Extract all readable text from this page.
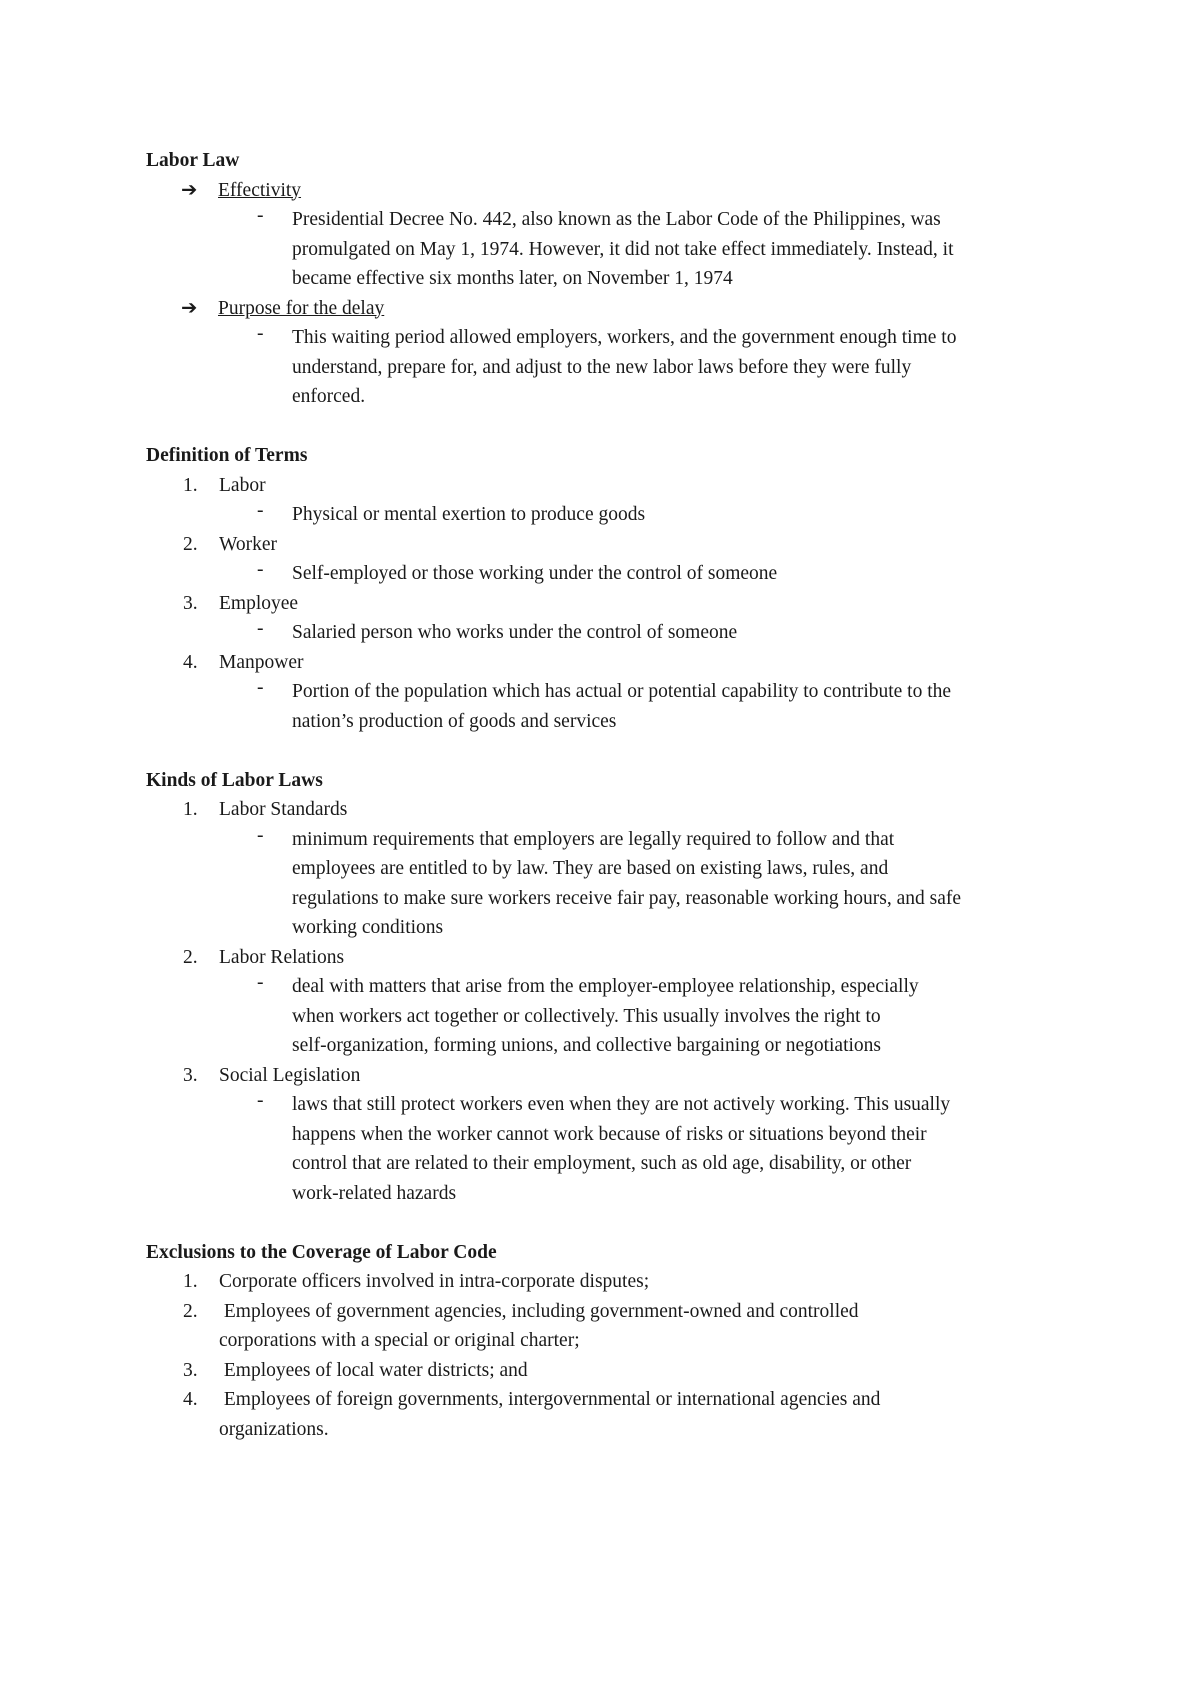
Labor Law
➔	Effectivity
- Presidential Decree No. 442, also known as the Labor Code of the Philippines, was
promulgated on May 1, 1974. However, it did not take effect immediately. Instead, it
became effective six months later, on November 1, 1974
➔	Purpose for the delay
- This waiting period allowed employers, workers, and the government enough time to
understand, prepare for, and adjust to the new labor laws before they were fully
enforced.
Definition of Terms
1. Labor
- Physical or mental exertion to produce goods
2. Worker
- Self-employed or those working under the control of someone
3. Employee
- Salaried person who works under the control of someone
4. Manpower
- Portion of the population which has actual or potential capability to contribute to the
nation’s production of goods and services
Kinds of Labor Laws
1. Labor Standards
- minimum requirements that employers are legally required to follow and that
employees are entitled to by law. They are based on existing laws, rules, and
regulations to make sure workers receive fair pay, reasonable working hours, and safe
working conditions
2. Labor Relations
- deal with matters that arise from the employer-employee relationship, especially
when workers act together or collectively. This usually involves the right to
self-organization, forming unions, and collective bargaining or negotiations
3. Social Legislation
- laws that still protect workers even when they are not actively working. This usually
happens when the worker cannot work because of risks or situations beyond their
control that are related to their employment, such as old age, disability, or other
work-related hazards
Exclusions to the Coverage of Labor Code
1. Corporate officers involved in intra-corporate disputes;
2. Employees of government agencies, including government-owned and controlled
corporations with a special or original charter;
3. Employees of local water districts; and
4. Employees of foreign governments, intergovernmental or international agencies and
organizations.
